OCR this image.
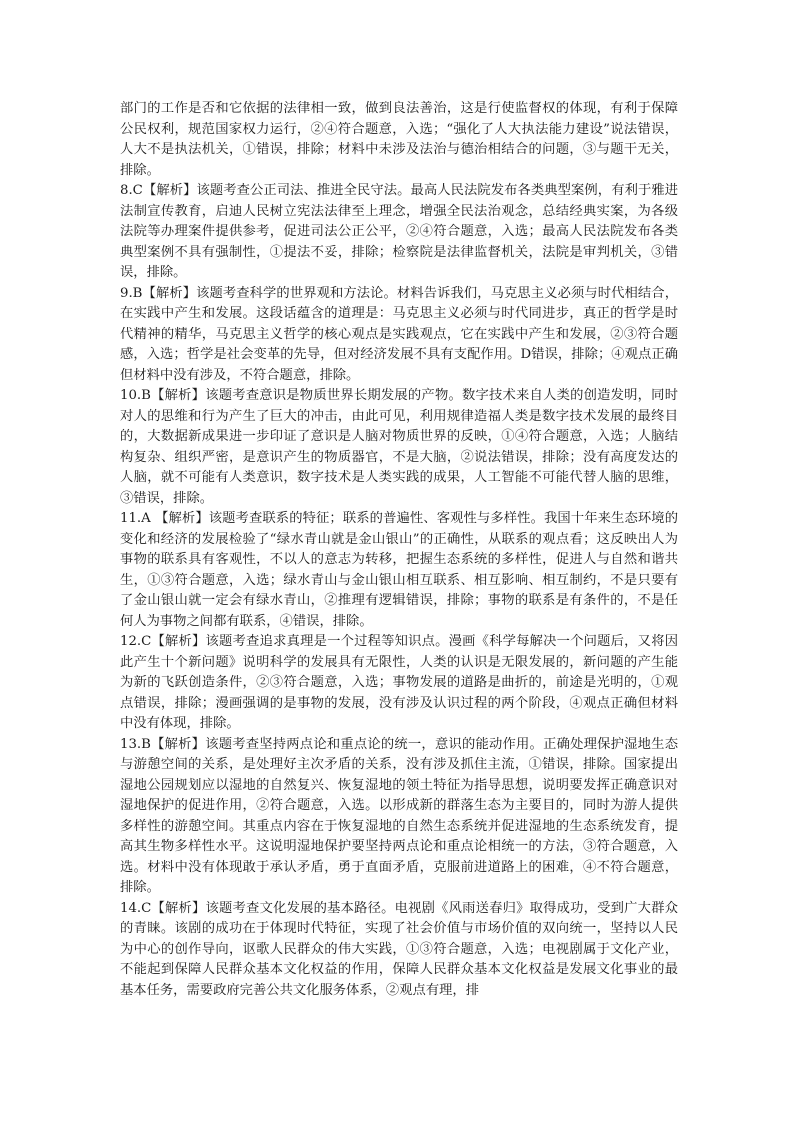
部门的工作是否和它依据的法律相一致，做到良法善治，这是行使监督权的体现，有利于保障公民权利，规范国家权力运行，②④符合题意，入选；“强化了人大执法能力建设”说法错误，人大不是执法机关，①错误，排除；材料中未涉及法治与德治相结合的问题，③与题干无关，排除。

8.C【解析】该题考查公正司法、推进全民守法。最高人民法院发布各类典型案例，有利于雅进法制宣传教育，启迪人民树立宪法法律至上理念，增强全民法治观念，总结经典实案，为各级法院等办理案件提供参考，促进司法公正公平，②④符合题意，入选；最高人民法院发布各类典型案例不具有强制性，①提法不妥，排除；检察院是法律监督机关，法院是审判机关，③错误，排除。

9.B【解析】该题考查科学的世界观和方法论。材料告诉我们，马克思主义必须与时代相结合，在实践中产生和发展。这段话蕴含的道理是：马克思主义必须与时代同进步，真正的哲学是时代精神的精华，马克思主义哲学的核心观点是实践观点，它在实践中产生和发展，②③符合题感，入选；哲学是社会变革的先导，但对经济发展不具有支配作用。D错误，排除；④观点正确但材料中没有涉及，不符合题意，排除。

10.B【解析】该题考查意识是物质世界长期发展的产物。数字技术来自人类的创造发明，同时对人的思维和行为产生了巨大的冲击，由此可见，利用规律造福人类是数字技术发展的最终目的，大数据新成果进一步印证了意识是人脑对物质世界的反映，①④符合题意，入选；人脑结构复杂、组织严密，是意识产生的物质器官，不是大脑，②说法错误，排除；没有高度发达的人脑，就不可能有人类意识，数字技术是人类实践的成果，人工智能不可能代替人脑的思维，③错误，排除。

11.A 【解析】该题考查联系的特征；联系的普遍性、客观性与多样性。我国十年来生态环境的变化和经济的发展检验了“绿水青山就是金山银山”的正确性，从联系的观点看；这反映出人为事物的联系具有客观性，不以人的意志为转移，把握生态系统的多样性，促进人与自然和谐共生，①③符合题意，入选；绿水青山与金山银山相互联系、相互影响、相互制约，不是只要有了金山银山就一定会有绿水青山，②推理有逻辑错误，排除；事物的联系是有条件的，不是任何人为事物之间都有联系，④错误，排除。

12.C【解析】该题考查追求真理是一个过程等知识点。漫画《科学每解决一个问题后，又将因此产生十个新问题》说明科学的发展具有无限性，人类的认识是无限发展的，新问题的产生能为新的飞跃创造条件，②③符合题意，入选；事物发展的道路是曲折的，前途是光明的，①观点错误，排除；漫画强调的是事物的发展，没有涉及认识过程的两个阶段，④观点正确但材料中没有体现，排除。

13.B【解析】该题考查坚持两点论和重点论的统一，意识的能动作用。正确处理保护湿地生态与游憩空间的关系，是处理好主次矛盾的关系，没有涉及抓住主流，①错误，排除。国家提出湿地公园规划应以湿地的自然复兴、恢复湿地的领土特征为指导思想，说明要发挥正确意识对湿地保护的促进作用，②符合题意，入选。以形成新的群落生态为主要目的，同时为游人提供多样性的游憩空间。其重点内容在于恢复湿地的自然生态系统并促进湿地的生态系统发育，提高其生物多样性水平。这说明湿地保护要坚持两点论和重点论相统一的方法，③符合题意，入选。材料中没有体现敢于承认矛盾，勇于直面矛盾，克服前进道路上的困难，④不符合题意，排除。

14.C【解析】该题考查文化发展的基本路径。电视剧《风雨送春归》取得成功，受到广大群众的青睐。该剧的成功在于体现时代特征，实现了社会价值与市场价值的双向统一，坚持以人民为中心的创作导向，讴歌人民群众的伟大实践，①③符合题意，入选；电视剧属于文化产业，不能起到保障人民群众基本文化权益的作用，保障人民群众基本文化权益是发展文化事业的最基本任务，需要政府完善公共文化服务体系，②观点有理，排
